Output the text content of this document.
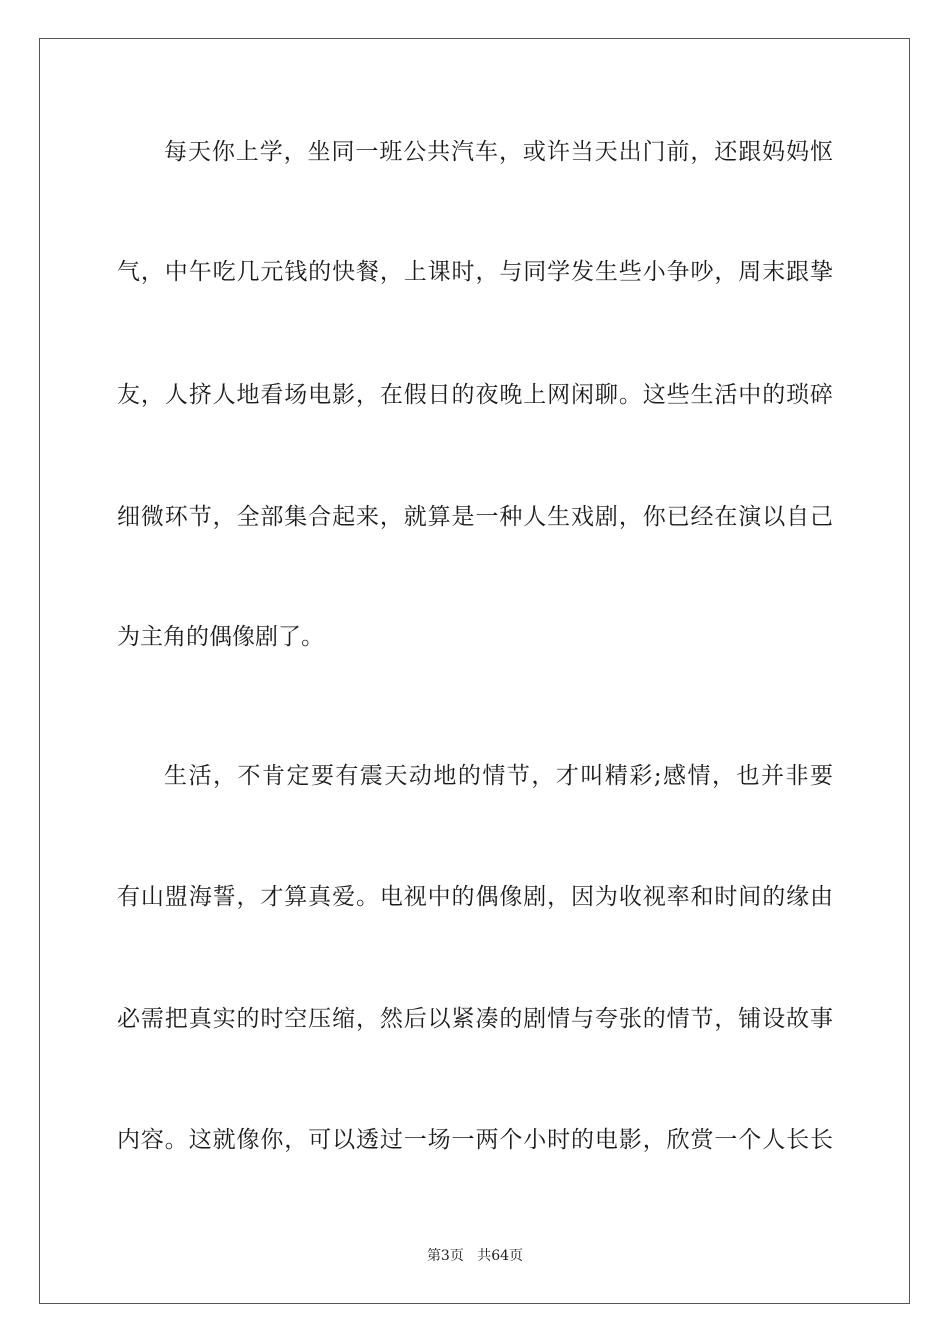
每天你上学，坐同一班公共汽车，或许当天出门前，还跟妈妈怄
气，中午吃几元钱的快餐，上课时，与同学发生些小争吵，周末跟挚
友，人挤人地看场电影，在假日的夜晚上网闲聊。这些生活中的琐碎
细微环节，全部集合起来，就算是一种人生戏剧，你已经在演以自己
为主角的偶像剧了。
生活，不肯定要有震天动地的情节，才叫精彩;感情，也并非要
有山盟海誓，才算真爱。电视中的偶像剧，因为收视率和时间的缘由
必需把真实的时空压缩，然后以紧凑的剧情与夸张的情节，铺设故事
内容。这就像你，可以透过一场一两个小时的电影，欣赏一个人长长
第3页 共64页
